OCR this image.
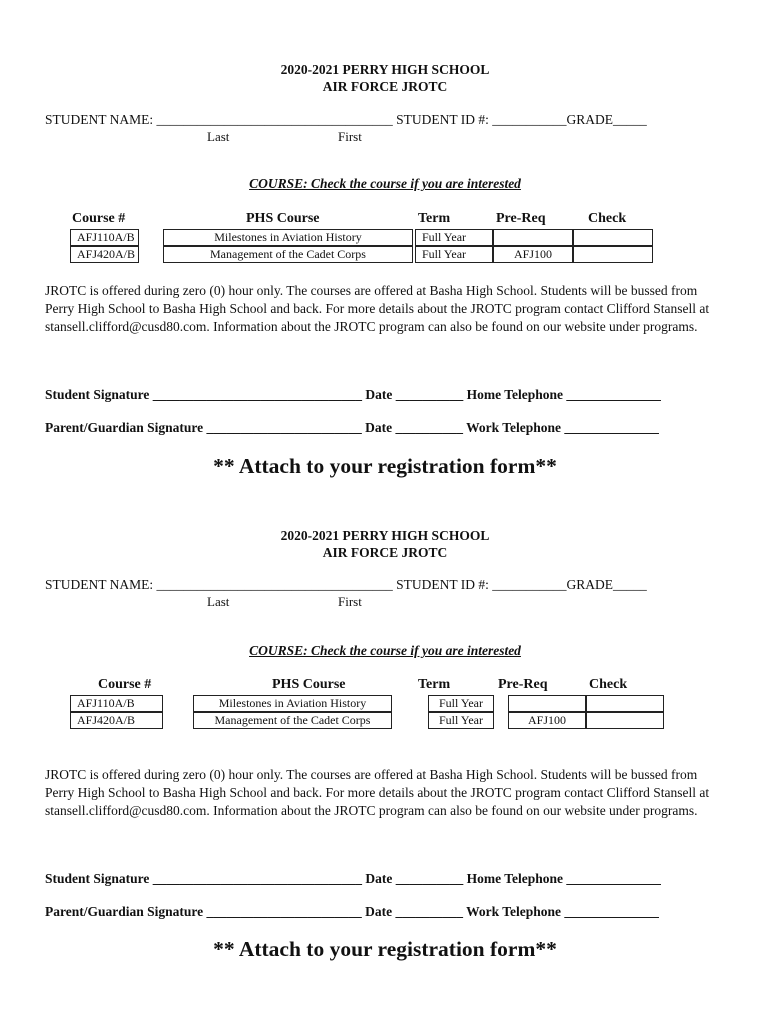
2020-2021 PERRY HIGH SCHOOL
AIR FORCE JROTC
STUDENT NAME: ___________________________________ STUDENT ID #: ___________GRADE_____
Last	First
COURSE: Check the course if you are interested
Course #	PHS Course	Term	Pre-Req	Check
AFJ110A/B	Milestones in Aviation History	Full Year
AFJ420A/B	Management of the Cadet Corps	Full Year	AFJ100
JROTC is offered during zero (0) hour only. The courses are offered at Basha High School. Students will be bussed from Perry High School to Basha High School and back. For more details about the JROTC program contact Clifford Stansell at stansell.clifford@cusd80.com. Information about the JROTC program can also be found on our website under programs.
Student Signature _______________________________ Date __________ Home Telephone ______________
Parent/Guardian Signature _______________________ Date __________ Work Telephone ______________
** Attach to your registration form**
2020-2021 PERRY HIGH SCHOOL
AIR FORCE JROTC
STUDENT NAME: ___________________________________ STUDENT ID #: ___________GRADE_____
Last	First
COURSE: Check the course if you are interested
Course #	PHS Course	Term	Pre-Req	Check
AFJ110A/B	Milestones in Aviation History	Full Year
AFJ420A/B	Management of the Cadet Corps	Full Year	AFJ100
JROTC is offered during zero (0) hour only. The courses are offered at Basha High School. Students will be bussed from Perry High School to Basha High School and back. For more details about the JROTC program contact Clifford Stansell at stansell.clifford@cusd80.com. Information about the JROTC program can also be found on our website under programs.
Student Signature _______________________________ Date __________ Home Telephone ______________
Parent/Guardian Signature _______________________ Date __________ Work Telephone ______________
** Attach to your registration form**
